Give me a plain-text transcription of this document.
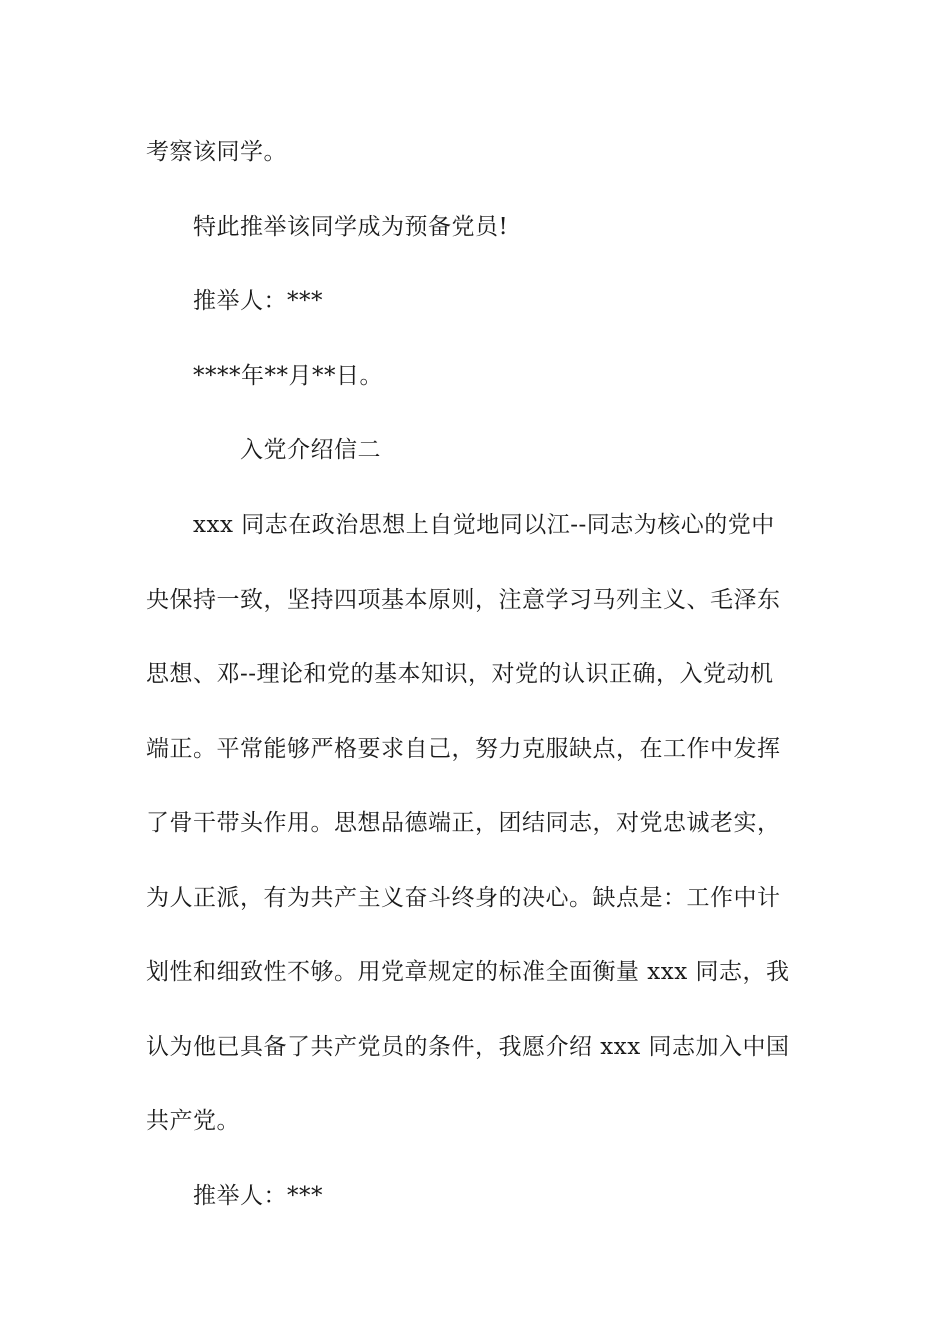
考察该同学。
特此推举该同学成为预备党员!
推举人：***
****年**月**日。
入党介绍信二
xxx 同志在政治思想上自觉地同以江--同志为核心的党中
央保持一致，坚持四项基本原则，注意学习马列主义、毛泽东
思想、邓--理论和党的基本知识，对党的认识正确，入党动机
端正。平常能够严格要求自己，努力克服缺点，在工作中发挥
了骨干带头作用。思想品德端正，团结同志，对党忠诚老实，
为人正派，有为共产主义奋斗终身的决心。缺点是：工作中计
划性和细致性不够。用党章规定的标准全面衡量 xxx 同志，我
认为他已具备了共产党员的条件，我愿介绍 xxx 同志加入中国
共产党。
推举人：***
